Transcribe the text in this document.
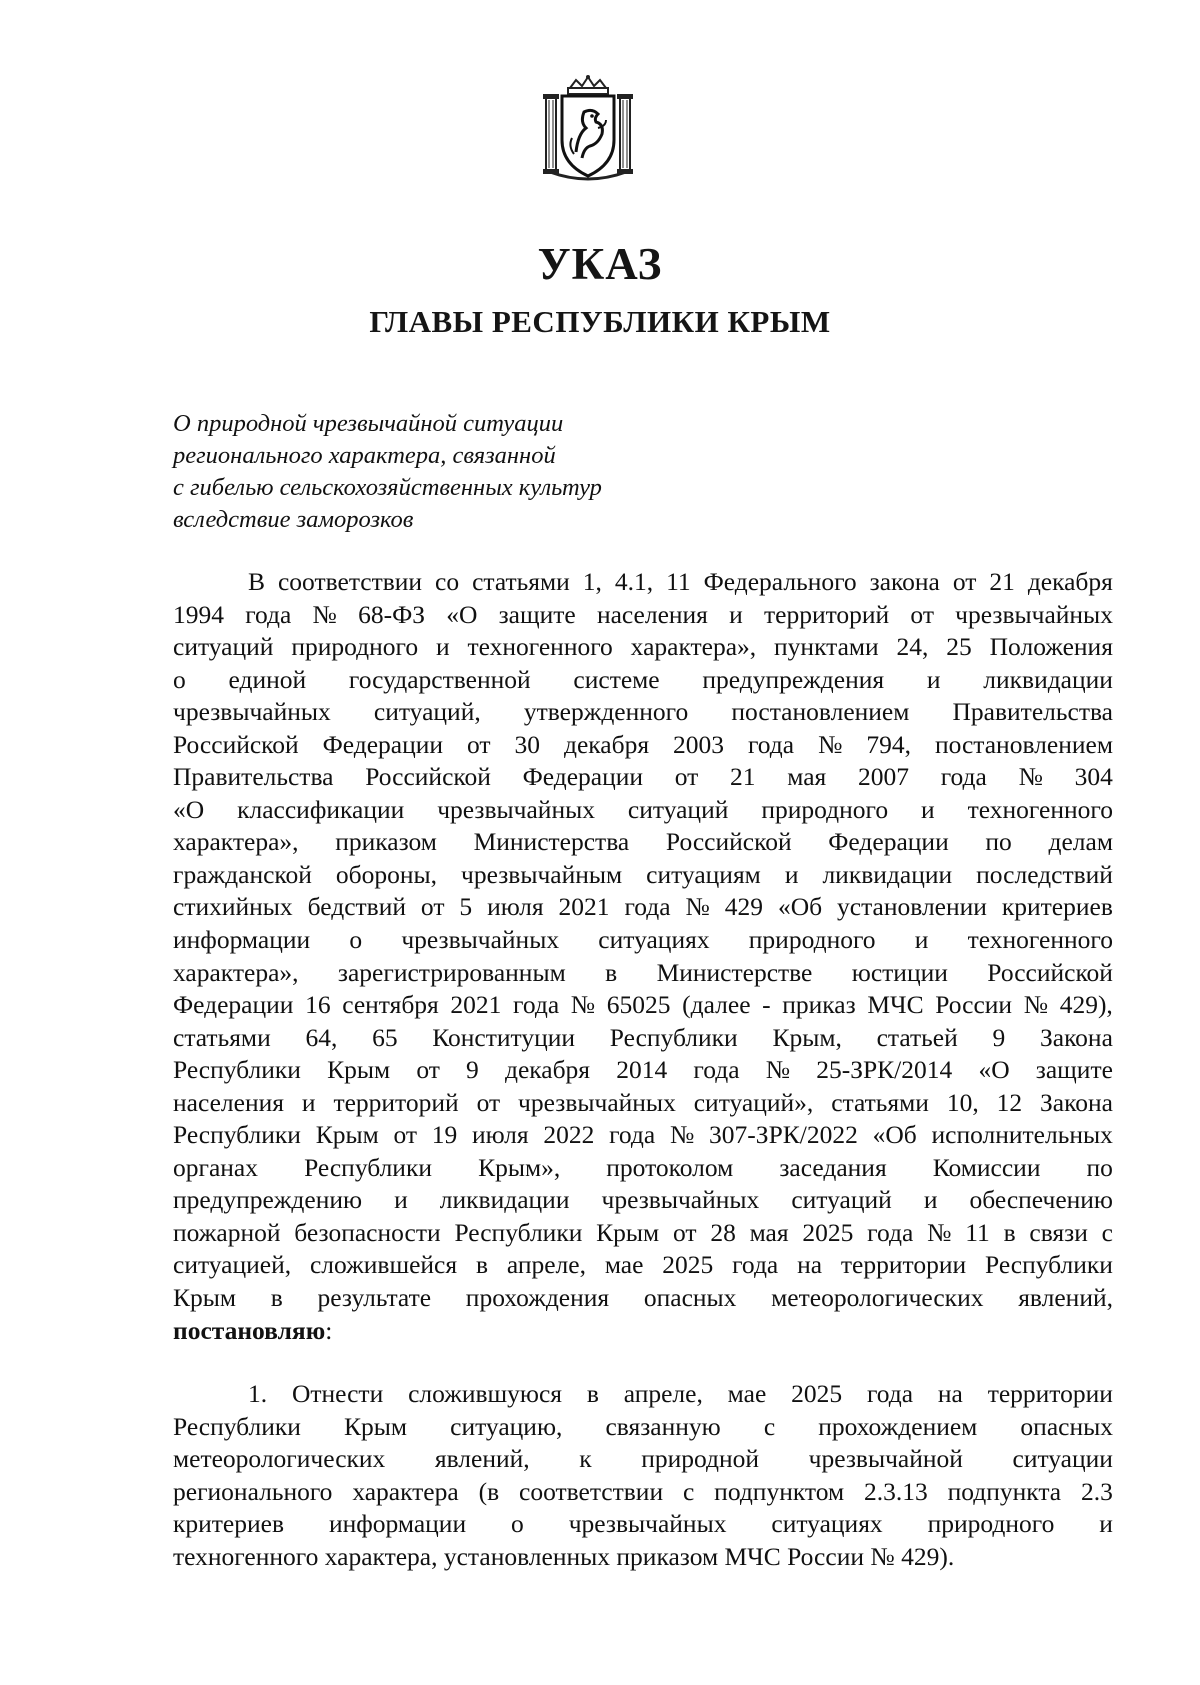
УКАЗ
ГЛАВЫ РЕСПУБЛИКИ КРЫМ
О природной чрезвычайной ситуации
регионального характера, связанной
с гибелью сельскохозяйственных культур
вследствие заморозков
В соответствии со статьями 1, 4.1, 11 Федерального закона от 21 декабря
1994 года № 68-ФЗ «О защите населения и территорий от чрезвычайных
ситуаций природного и техногенного характера», пунктами 24, 25 Положения
о единой государственной системе предупреждения и ликвидации
чрезвычайных ситуаций, утвержденного постановлением Правительства
Российской Федерации от 30 декабря 2003 года № 794, постановлением
Правительства Российской Федерации от 21 мая 2007 года № 304
«О классификации чрезвычайных ситуаций природного и техногенного
характера», приказом Министерства Российской Федерации по делам
гражданской обороны, чрезвычайным ситуациям и ликвидации последствий
стихийных бедствий от 5 июля 2021 года № 429 «Об установлении критериев
информации о чрезвычайных ситуациях природного и техногенного
характера», зарегистрированным в Министерстве юстиции Российской
Федерации 16 сентября 2021 года № 65025 (далее - приказ МЧС России № 429),
статьями 64, 65 Конституции Республики Крым, статьей 9 Закона
Республики Крым от 9 декабря 2014 года № 25-ЗРК/2014 «О защите
населения и территорий от чрезвычайных ситуаций», статьями 10, 12 Закона
Республики Крым от 19 июля 2022 года № 307-ЗРК/2022 «Об исполнительных
органах Республики Крым», протоколом заседания Комиссии по
предупреждению и ликвидации чрезвычайных ситуаций и обеспечению
пожарной безопасности Республики Крым от 28 мая 2025 года № 11 в связи с
ситуацией, сложившейся в апреле, мае 2025 года на территории Республики
Крым в результате прохождения опасных метеорологических явлений,
постановляю:
1. Отнести сложившуюся в апреле, мае 2025 года на территории
Республики Крым ситуацию, связанную с прохождением опасных
метеорологических явлений, к природной чрезвычайной ситуации
регионального характера (в соответствии с подпунктом 2.3.13 подпункта 2.3
критериев информации о чрезвычайных ситуациях природного и
техногенного характера, установленных приказом МЧС России № 429).
